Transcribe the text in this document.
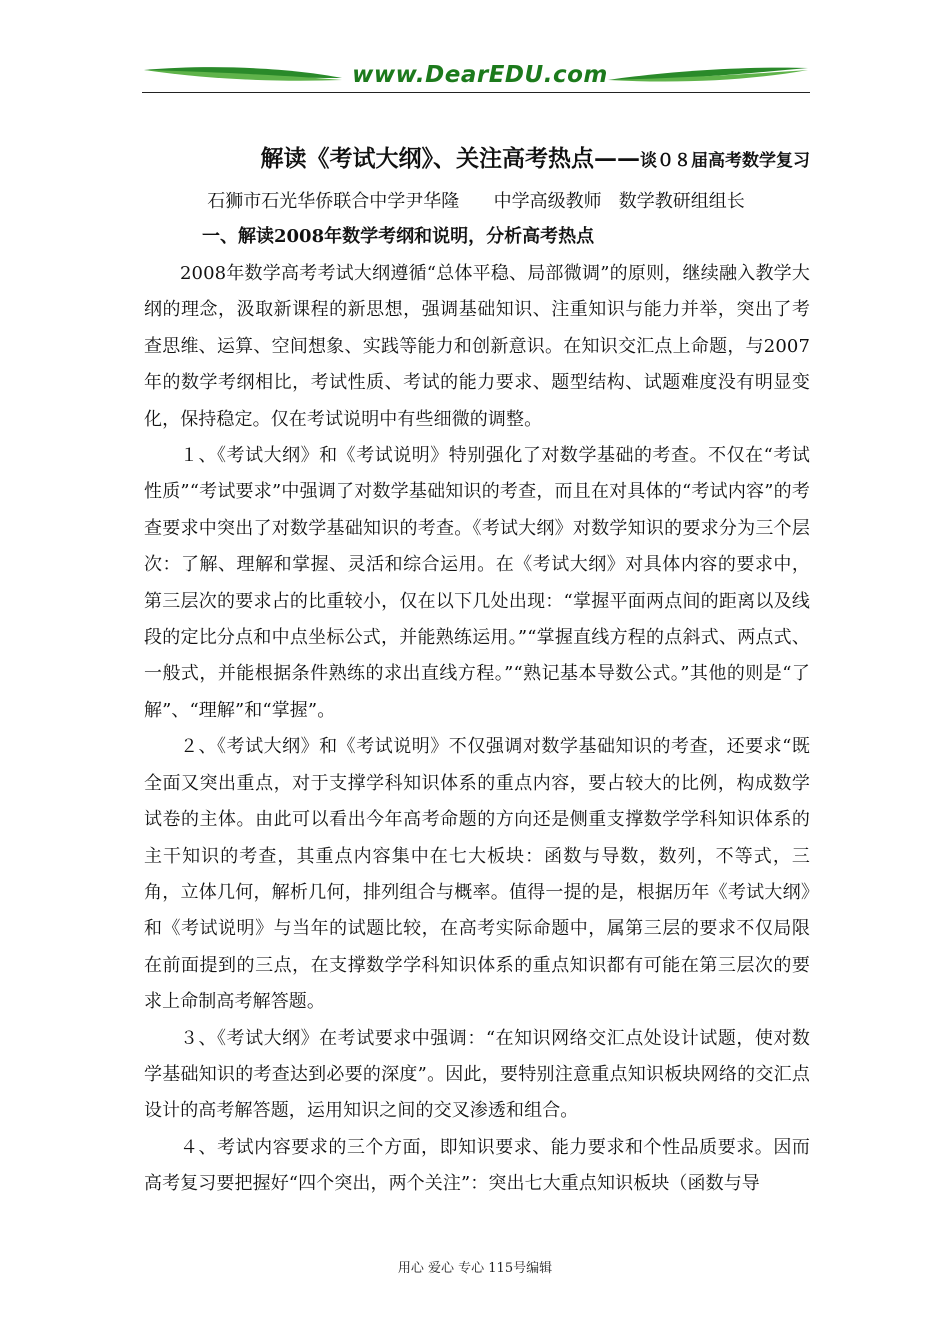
www.DearEDU.com
解读《考试大纲》、关注高考热点——谈０８届高考数学复习
石狮市石光华侨联合中学尹华隆      中学高级教师   数学教研组组长
一、解读2008年数学考纲和说明，分析高考热点

2008年数学高考考试大纲遵循“总体平稳、局部微调”的原则，继续融入教学大纲的理念，汲取新课程的新思想，强调基础知识、注重知识与能力并举，突出了考查思维、运算、空间想象、实践等能力和创新意识。在知识交汇点上命题，与2007年的数学考纲相比，考试性质、考试的能力要求、题型结构、试题难度没有明显变化，保持稳定。仅在考试说明中有些细微的调整。

１、《考试大纲》和《考试说明》特别强化了对数学基础的考查。不仅在“考试性质”“考试要求”中强调了对数学基础知识的考查，而且在对具体的“考试内容”的考查要求中突出了对数学基础知识的考查。《考试大纲》对数学知识的要求分为三个层次：了解、理解和掌握、灵活和综合运用。在《考试大纲》对具体内容的要求中，第三层次的要求占的比重较小，仅在以下几处出现：“掌握平面两点间的距离以及线段的定比分点和中点坐标公式，并能熟练运用。”“掌握直线方程的点斜式、两点式、一般式，并能根据条件熟练的求出直线方程。”“熟记基本导数公式。”其他的则是“了解”、“理解”和“掌握”。

２、《考试大纲》和《考试说明》不仅强调对数学基础知识的考查，还要求“既全面又突出重点，对于支撑学科知识体系的重点内容，要占较大的比例，构成数学试卷的主体。由此可以看出今年高考命题的方向还是侧重支撑数学学科知识体系的主干知识的考查，其重点内容集中在七大板块：函数与导数，数列，不等式，三角，立体几何，解析几何，排列组合与概率。值得一提的是，根据历年《考试大纲》和《考试说明》与当年的试题比较，在高考实际命题中，属第三层的要求不仅局限在前面提到的三点，在支撑数学学科知识体系的重点知识都有可能在第三层次的要求上命制高考解答题。

３、《考试大纲》在考试要求中强调：“在知识网络交汇点处设计试题，使对数学基础知识的考查达到必要的深度”。因此，要特别注意重点知识板块网络的交汇点设计的高考解答题，运用知识之间的交叉渗透和组合。

４、考试内容要求的三个方面，即知识要求、能力要求和个性品质要求。因而高考复习要把握好“四个突出，两个关注”：突出七大重点知识板块（函数与导

用心 爱心 专心 115号编辑
